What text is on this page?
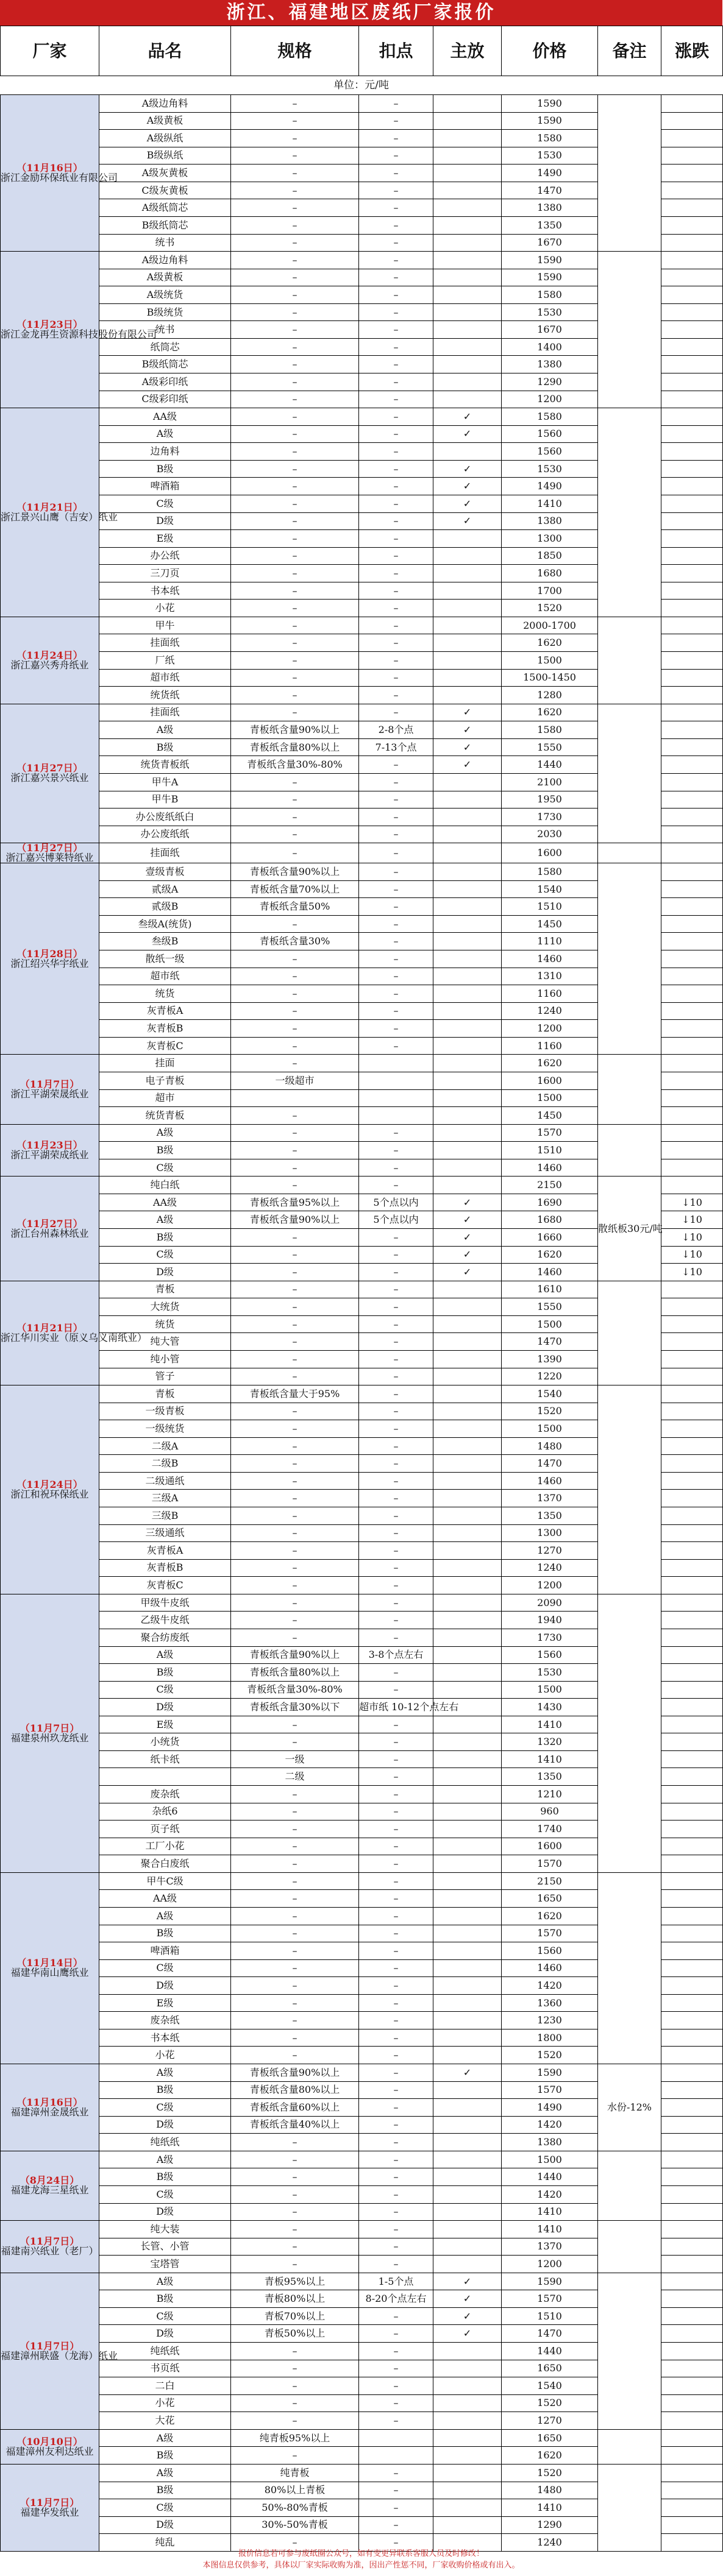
浙江、福建地区废纸厂家报价
厂家	品名	规格	扣点	主放	价格	备注	涨跌
单位：元/吨
（11月16日）
浙江金励环保纸业有限公司	A级边角料	–	–		1590		
	A级黄板	–	–		1590		
	A级纵纸	–	–		1580		
	B级纵纸	–	–		1530		
	A级灰黄板	–	–		1490		
	C级灰黄板	–	–		1470		
	A级纸筒芯	–	–		1380		
	B级纸筒芯	–	–		1350		
	统书	–	–		1670		

（11月23日）
浙江金龙再生资源科技股份有限公司	A级边角料	–	–		1590		
	A级黄板	–	–		1590		
	A级统货	–	–		1580		
	B级统货	–	–		1530		
	统书	–	–		1670		
	纸筒芯	–	–		1400		
	B级纸筒芯	–	–		1380		
	A级彩印纸	–	–		1290		
	C级彩印纸	–	–		1200		

（11月21日）
浙江景兴山鹰（吉安）纸业	AA级	–	–	✓	1580		
	A级	–	–	✓	1560		
	边角料	–	–		1560		
	B级	–	–	✓	1530		
	啤酒箱	–	–	✓	1490		
	C级	–	–	✓	1410		
	D级	–	–	✓	1380		
	E级	–	–		1300		
	办公纸	–	–		1850		
	三刀页	–	–		1680		
	书本纸	–	–		1700		
	小花	–	–		1520		

（11月24日）
浙江嘉兴秀舟纸业	甲牛	–	–		2000-1700		
	挂面纸	–	–		1620		
	厂纸	–	–		1500		
	超市纸	–	–		1500-1450		
	统货纸	–	–		1280		

（11月27日）
浙江嘉兴景兴纸业	挂面纸	–	–	✓	1620		
	A级	青板纸含量90%以上	2-8个点	✓	1580		
	B级	青板纸含量80%以上	7-13个点	✓	1550		
	统货青板纸	青板纸含量30%-80%	–	✓	1440		
	甲牛A	–	–		2100		
	甲牛B	–	–		1950		
	办公废纸纸白	–	–		1730		
	办公废纸纸	–	–		2030		

（11月27日）
浙江嘉兴博莱特纸业	挂面纸	–	–		1600		

（11月28日）
浙江绍兴华宇纸业	壹级青板	青板纸含量90%以上	–		1580		
	贰级A	青板纸含量70%以上	–		1540		
	贰级B	青板纸含量50%	–		1510		
	叁级A(统货)	–	–		1450		
	叁级B	青板纸含量30%	–		1110		
	散纸一级	–	–		1460		
	超市纸	–	–		1310		
	统货	–	–		1160		
	灰青板A	–	–		1240		
	灰青板B	–	–		1200		
	灰青板C	–	–		1160		

（11月7日）
浙江平湖荣晟纸业	挂面	–			1620		
	电子青板	一级超市			1600		
	超市				1500		
	统货青板	–			1450		

（11月23日）
浙江平湖荣成纸业	A级	–	–		1570		
	B级	–	–		1510		
	C级	–	–		1460		

（11月27日）
浙江台州森林纸业	纯白纸	–	–		2150	散纸板30元/吨	
	AA级	青板纸含量95%以上	5个点以内	✓	1690		↓10
	A级	青板纸含量90%以上	5个点以内	✓	1680		↓10
	B级	–	–	✓	1660		↓10
	C级	–	–	✓	1620		↓10
	D级	–	–	✓	1460		↓10

（11月21日）
浙江华川实业（原义乌义南纸业）	青板	–	–		1610		
	大统货	–	–		1550		
	统货	–	–		1500		
	纯大管	–	–		1470		
	纯小管	–	–		1390		
	管子	–	–		1220		

（11月24日）
浙江和祝环保纸业	青板	青板纸含量大于95%	–		1540		
	一级青板	–	–		1520		
	一级统货	–	–		1500		
	二级A	–	–		1480		
	二级B	–	–		1470		
	二级通纸	–	–		1460		
	三级A	–	–		1370		
	三级B	–	–		1350		
	三级通纸	–	–		1300		
	灰青板A	–	–		1270		
	灰青板B	–	–		1240		
	灰青板C	–	–		1200		

（11月7日）
福建泉州玖龙纸业	甲级牛皮纸	–	–		2090		
	乙级牛皮纸	–	–		1940		
	聚合纺废纸	–	–		1730		
	A级	青板纸含量90%以上	3-8个点左右		1560		
	B级	青板纸含量80%以上	–		1530		
	C级	青板纸含量30%-80%	–		1500		
	D级	青板纸含量30%以下	超市纸 10-12个点左右		1430		
	E级	–	–		1410		
	小统货	–	–		1320		
	纸卡纸	一级	–		1410		
		二级	–		1350		
	废杂纸	–	–		1210		
	杂纸6	–	–		960		
	页子纸	–	–		1740		
	工厂小花	–	–		1600		
	聚合白废纸	–	–		1570		

（11月14日）
福建华南山鹰纸业	甲牛C级	–	–		2150		
	AA级	–	–		1650		
	A级	–	–		1620		
	B级	–	–		1570		
	啤酒箱	–	–		1560		
	C级	–	–		1460		
	D级	–	–		1420		
	E级	–	–		1360		
	废杂纸	–	–		1230		
	书本纸	–	–		1800		
	小花	–	–		1520		

（11月16日）
福建漳州金晟纸业	A级	青板纸含量90%以上	–	✓	1590	水份-12%	
	B级	青板纸含量80%以上	–		1570		
	C级	青板纸含量60%以上	–		1490		
	D级	青板纸含量40%以上	–		1420		
	纯纸纸	–	–		1380		

（8月24日）
福建龙海三星纸业	A级	–	–		1500		
	B级	–	–		1440		
	C级	–	–		1420		
	D级	–	–		1410		

（11月7日）
福建南兴纸业（老厂）	纯大装	–	–		1410		
	长管、小管	–	–		1370		
	宝塔管	–	–		1200		

（11月7日）
福建漳州联盛（龙海）纸业	A级	青板95%以上	1-5个点	✓	1590		
	B级	青板80%以上	8-20个点左右	✓	1570		
	C级	青板70%以上	–	✓	1510		
	D级	青板50%以上	–	✓	1470		
	纯纸纸	–	–		1440		
	书页纸	–	–		1650		
	二白	–	–		1540		
	小花	–	–		1520		
	大花	–	–		1270		

（10月10日）
福建漳州友利达纸业	A级	纯青板95%以上			1650		
	B级	–			1620		

（11月7日）
福建华发纸业	A级	纯青板	–		1520		
	B级	80%以上青板	–		1480		
	C级	50%-80%青板	–		1410		
	D级	30%-50%青板	–		1290		
	纯乱	–	–		1240		
报价信息若可参与废纸圈公众号，如有变更异联系客服人员及时修改！
本图信息仅供参考，具体以厂家实际收购为准，因出产性惩不同，厂家收购价格或有出入。
